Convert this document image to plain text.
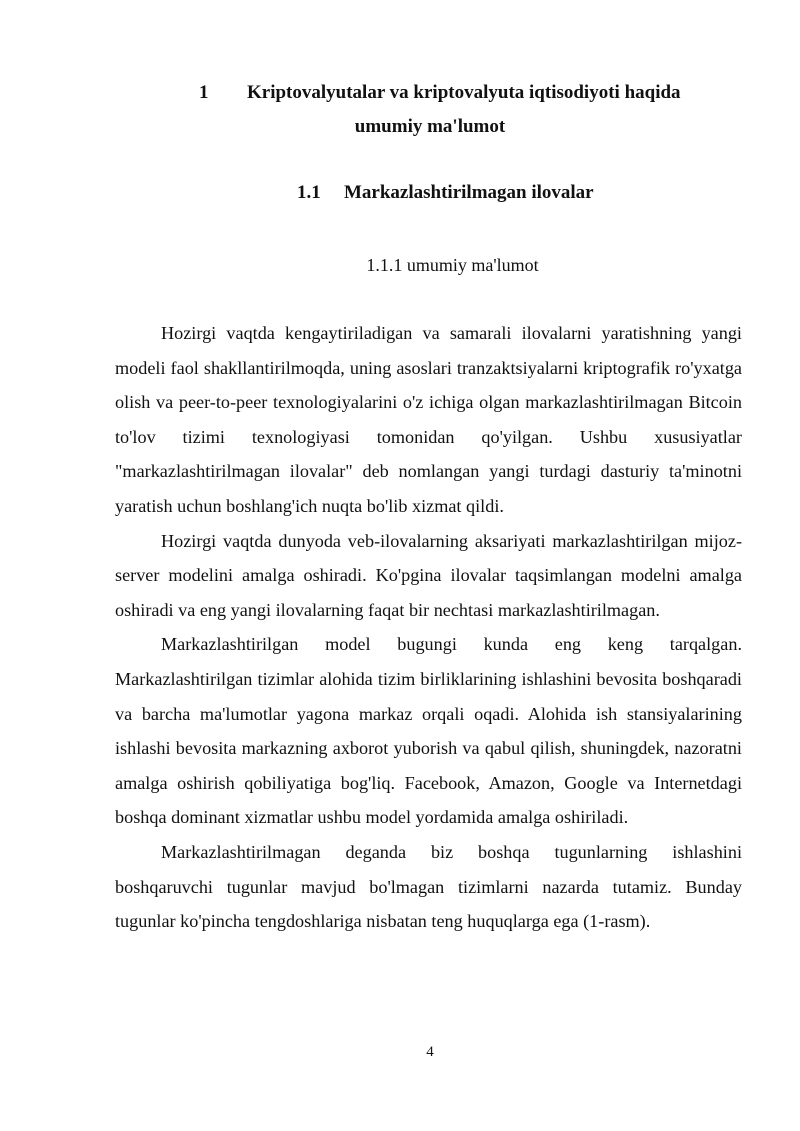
1 Kriptovalyutalar va kriptovalyuta iqtisodiyoti haqida
umumiy ma'lumot
1.1 Markazlashtirilmagan ilovalar
1.1.1 umumiy ma'lumot

Hozirgi vaqtda kengaytiriladigan va samarali ilovalarni yaratishning yangi modeli faol shakllantirilmoqda, uning asoslari tranzaktsiyalarni kriptografik ro'yxatga olish va peer-to-peer texnologiyalarini o'z ichiga olgan markazlashtirilmagan Bitcoin to'lov tizimi texnologiyasi tomonidan qo'yilgan. Ushbu xususiyatlar "markazlashtirilmagan ilovalar" deb nomlangan yangi turdagi dasturiy ta'minotni yaratish uchun boshlang'ich nuqta bo'lib xizmat qildi.

Hozirgi vaqtda dunyoda veb-ilovalarning aksariyati markazlashtirilgan mijoz-server modelini amalga oshiradi. Ko'pgina ilovalar taqsimlangan modelni amalga oshiradi va eng yangi ilovalarning faqat bir nechtasi markazlashtirilmagan.

Markazlashtirilgan model bugungi kunda eng keng tarqalgan. Markazlashtirilgan tizimlar alohida tizim birliklarining ishlashini bevosita boshqaradi va barcha ma'lumotlar yagona markaz orqali oqadi. Alohida ish stansiyalarining ishlashi bevosita markazning axborot yuborish va qabul qilish, shuningdek, nazoratni amalga oshirish qobiliyatiga bog'liq. Facebook, Amazon, Google va Internetdagi boshqa dominant xizmatlar ushbu model yordamida amalga oshiriladi.

Markazlashtirilmagan deganda biz boshqa tugunlarning ishlashini boshqaruvchi tugunlar mavjud bo'lmagan tizimlarni nazarda tutamiz. Bunday tugunlar ko'pincha tengdoshlariga nisbatan teng huquqlarga ega (1-rasm).

4
